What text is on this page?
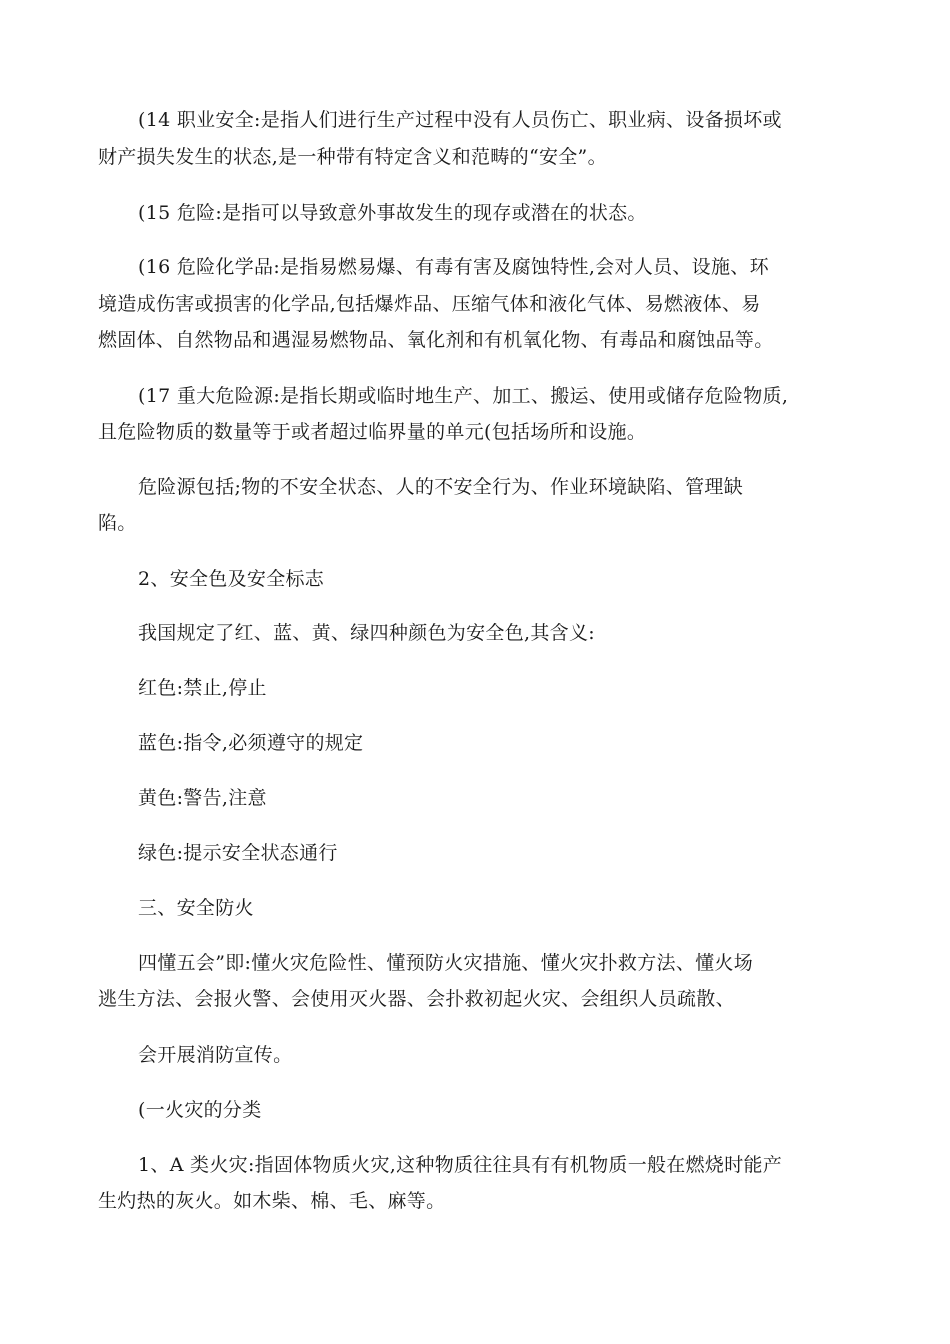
(14 职业安全:是指人们进行生产过程中没有人员伤亡、职业病、设备损坏或
财产损失发生的状态,是一种带有特定含义和范畴的“安全”。
(15 危险:是指可以导致意外事故发生的现存或潜在的状态。
(16 危险化学品:是指易燃易爆、有毒有害及腐蚀特性,会对人员、设施、环
境造成伤害或损害的化学品,包括爆炸品、压缩气体和液化气体、易燃液体、易
燃固体、自然物品和遇湿易燃物品、氧化剂和有机氧化物、有毒品和腐蚀品等。
(17 重大危险源:是指长期或临时地生产、加工、搬运、使用或储存危险物质,
且危险物质的数量等于或者超过临界量的单元(包括场所和设施。
危险源包括;物的不安全状态、人的不安全行为、作业环境缺陷、管理缺
陷。
2、安全色及安全标志
我国规定了红、蓝、黄、绿四种颜色为安全色,其含义:
红色:禁止,停止
蓝色:指令,必须遵守的规定
黄色:警告,注意
绿色:提示安全状态通行
三、安全防火
四懂五会”即:懂火灾危险性、懂预防火灾措施、懂火灾扑救方法、懂火场
逃生方法、会报火警、会使用灭火器、会扑救初起火灾、会组织人员疏散、
会开展消防宣传。
(一火灾的分类
1、A 类火灾:指固体物质火灾,这种物质往往具有有机物质一般在燃烧时能产
生灼热的灰火。如木柴、棉、毛、麻等。
